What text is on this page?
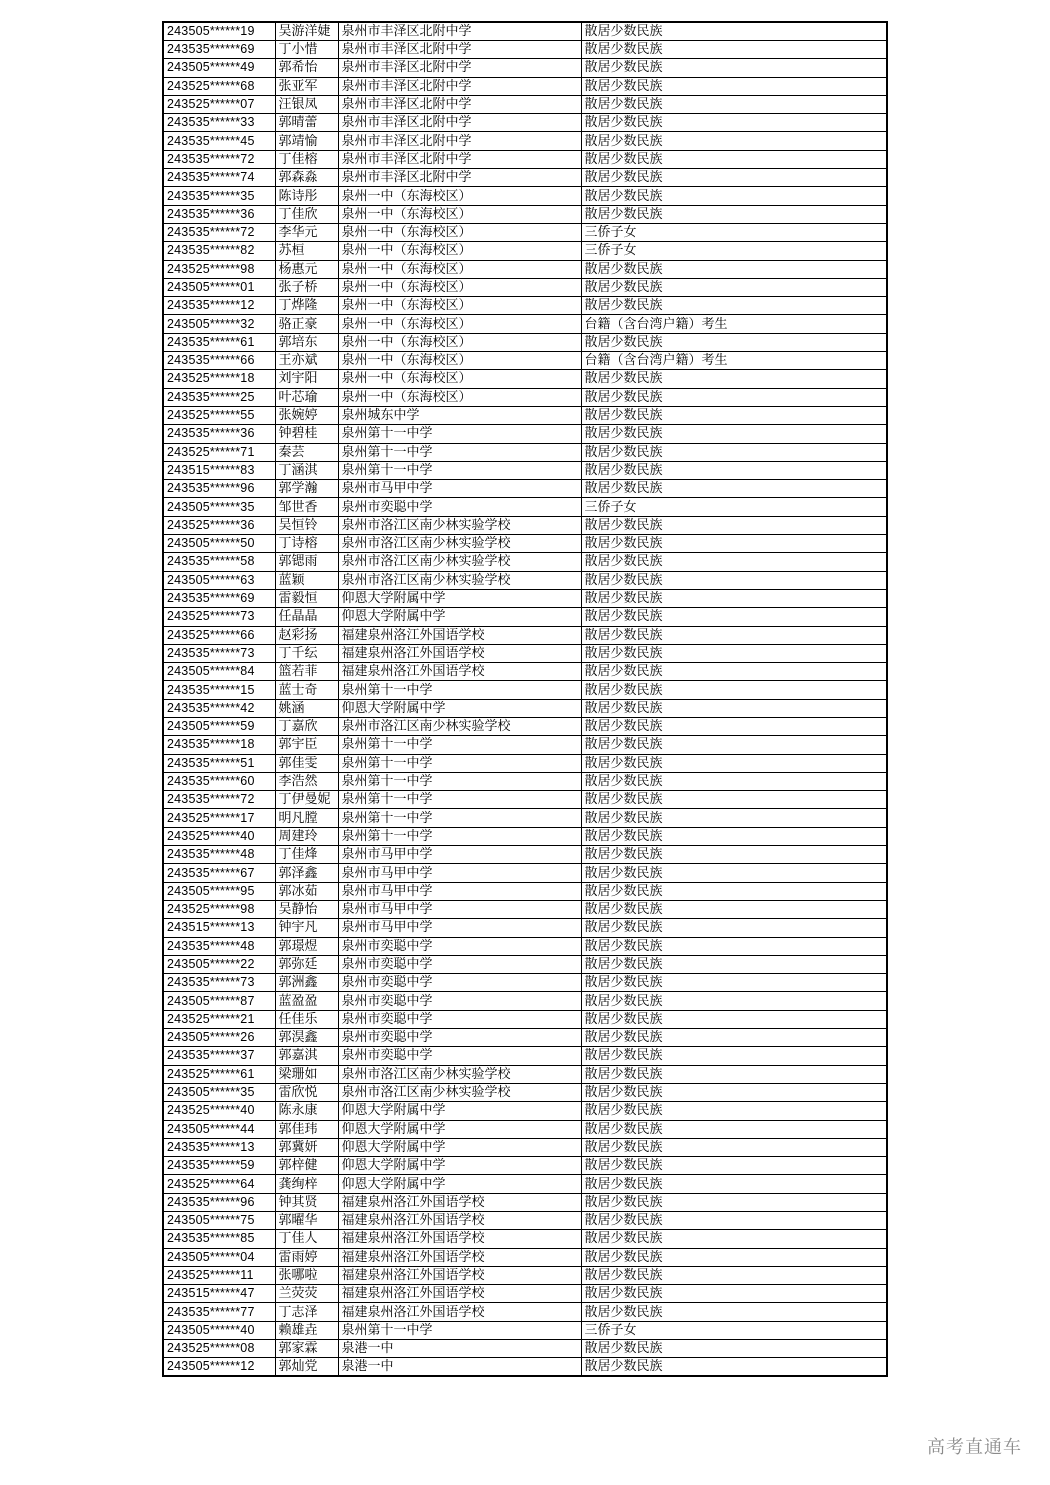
243505******19	吴游洋婕	泉州市丰泽区北附中学	散居少数民族
243535******69	丁小惜	泉州市丰泽区北附中学	散居少数民族
243505******49	郭希怡	泉州市丰泽区北附中学	散居少数民族
243525******68	张亚军	泉州市丰泽区北附中学	散居少数民族
243525******07	汪银凤	泉州市丰泽区北附中学	散居少数民族
243535******33	郭晴蕾	泉州市丰泽区北附中学	散居少数民族
243535******45	郭靖愉	泉州市丰泽区北附中学	散居少数民族
243535******72	丁佳榕	泉州市丰泽区北附中学	散居少数民族
243535******74	郭森淼	泉州市丰泽区北附中学	散居少数民族
243535******35	陈诗彤	泉州一中（东海校区）	散居少数民族
243535******36	丁佳欣	泉州一中（东海校区）	散居少数民族
243535******72	李华元	泉州一中（东海校区）	三侨子女
243535******82	苏桓	泉州一中（东海校区）	三侨子女
243525******98	杨惠元	泉州一中（东海校区）	散居少数民族
243505******01	张子桥	泉州一中（东海校区）	散居少数民族
243535******12	丁烨隆	泉州一中（东海校区）	散居少数民族
243505******32	骆正豪	泉州一中（东海校区）	台籍（含台湾户籍）考生
243535******61	郭培东	泉州一中（东海校区）	散居少数民族
243535******66	王亦斌	泉州一中（东海校区）	台籍（含台湾户籍）考生
243525******18	刘宇阳	泉州一中（东海校区）	散居少数民族
243535******25	叶芯瑜	泉州一中（东海校区）	散居少数民族
243525******55	张婉婷	泉州城东中学	散居少数民族
243535******36	钟碧桂	泉州第十一中学	散居少数民族
243525******71	秦芸	泉州第十一中学	散居少数民族
243515******83	丁涵淇	泉州第十一中学	散居少数民族
243535******96	郭学瀚	泉州市马甲中学	散居少数民族
243505******35	邹世香	泉州市奕聪中学	三侨子女
243525******36	吴恒铃	泉州市洛江区南少林实验学校	散居少数民族
243505******50	丁诗榕	泉州市洛江区南少林实验学校	散居少数民族
243535******58	郭锶雨	泉州市洛江区南少林实验学校	散居少数民族
243505******63	蓝颖	泉州市洛江区南少林实验学校	散居少数民族
243535******69	雷毅恒	仰恩大学附属中学	散居少数民族
243525******73	任晶晶	仰恩大学附属中学	散居少数民族
243525******66	赵彩扬	福建泉州洛江外国语学校	散居少数民族
243535******73	丁千纭	福建泉州洛江外国语学校	散居少数民族
243505******84	篮若菲	福建泉州洛江外国语学校	散居少数民族
243535******15	蓝士奇	泉州第十一中学	散居少数民族
243535******42	姚涵	仰恩大学附属中学	散居少数民族
243505******59	丁嘉欣	泉州市洛江区南少林实验学校	散居少数民族
243535******18	郭宇臣	泉州第十一中学	散居少数民族
243535******51	郭佳雯	泉州第十一中学	散居少数民族
243535******60	李浩然	泉州第十一中学	散居少数民族
243535******72	丁伊曼妮	泉州第十一中学	散居少数民族
243525******17	明凡膛	泉州第十一中学	散居少数民族
243525******40	周建玲	泉州第十一中学	散居少数民族
243535******48	丁佳烽	泉州市马甲中学	散居少数民族
243535******67	郭泽鑫	泉州市马甲中学	散居少数民族
243505******95	郭冰茹	泉州市马甲中学	散居少数民族
243525******98	吴静怡	泉州市马甲中学	散居少数民族
243515******13	钟宇凡	泉州市马甲中学	散居少数民族
243535******48	郭璟煜	泉州市奕聪中学	散居少数民族
243505******22	郭弥廷	泉州市奕聪中学	散居少数民族
243535******73	郭洲鑫	泉州市奕聪中学	散居少数民族
243505******87	蓝盈盈	泉州市奕聪中学	散居少数民族
243525******21	任佳乐	泉州市奕聪中学	散居少数民族
243505******26	郭淏鑫	泉州市奕聪中学	散居少数民族
243535******37	郭嘉淇	泉州市奕聪中学	散居少数民族
243525******61	梁珊如	泉州市洛江区南少林实验学校	散居少数民族
243505******35	雷欣悦	泉州市洛江区南少林实验学校	散居少数民族
243525******40	陈永康	仰恩大学附属中学	散居少数民族
243505******44	郭佳玮	仰恩大学附属中学	散居少数民族
243535******13	郭冀妍	仰恩大学附属中学	散居少数民族
243535******59	郭梓健	仰恩大学附属中学	散居少数民族
243525******64	龚绚梓	仰恩大学附属中学	散居少数民族
243535******96	钟其贤	福建泉州洛江外国语学校	散居少数民族
243505******75	郭曜华	福建泉州洛江外国语学校	散居少数民族
243535******85	丁佳人	福建泉州洛江外国语学校	散居少数民族
243505******04	雷雨婷	福建泉州洛江外国语学校	散居少数民族
243525******11	张哪啦	福建泉州洛江外国语学校	散居少数民族
243515******47	兰荧荧	福建泉州洛江外国语学校	散居少数民族
243535******77	丁志泽	福建泉州洛江外国语学校	散居少数民族
243505******40	赖雄垚	泉州第十一中学	三侨子女
243525******08	郭家霖	泉港一中	散居少数民族
243505******12	郭灿党	泉港一中	散居少数民族
高考直通车
